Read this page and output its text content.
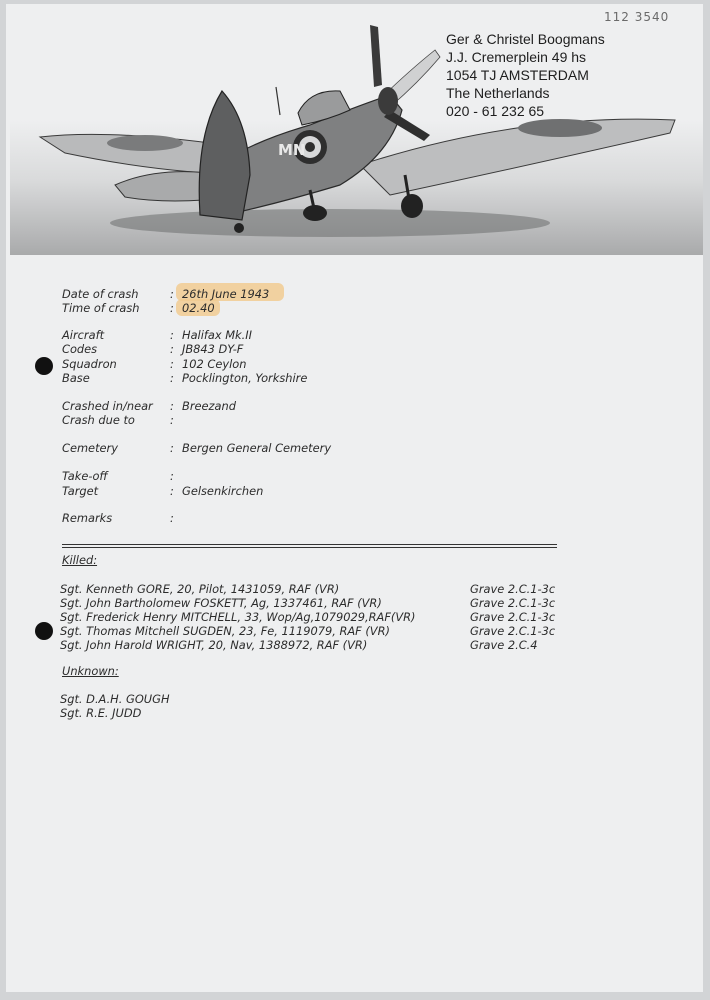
112 3540
MN
Ger & Christel Boogmans
J.J. Cremerplein 49 hs
1054 TJ AMSTERDAM
The Netherlands
020 - 61 232 65
Date of crash	: 26th June 1943
Time of crash	: 02.40
Aircraft	: Halifax Mk.II
Codes	: JB843 DY-F
Squadron	: 102 Ceylon
Base	: Pocklington, Yorkshire
Crashed in/near : Breezand
Crash due to	:
Cemetery	: Bergen General Cemetery
Take-off	:
Target	: Gelsenkirchen
Remarks	:
Killed:
Sgt. Kenneth GORE, 20, Pilot, 1431059, RAF (VR)	Grave 2.C.1-3c
Sgt. John Bartholomew FOSKETT, Ag, 1337461, RAF (VR)	Grave 2.C.1-3c
Sgt. Frederick Henry MITCHELL, 33, Wop/Ag,1079029,RAF(VR)	Grave 2.C.1-3c
Sgt. Thomas Mitchell SUGDEN, 23, Fe, 1119079, RAF (VR)	Grave 2.C.1-3c
Sgt. John Harold WRIGHT, 20, Nav, 1388972, RAF (VR)	Grave 2.C.4
Unknown:
Sgt. D.A.H. GOUGH
Sgt. R.E. JUDD
